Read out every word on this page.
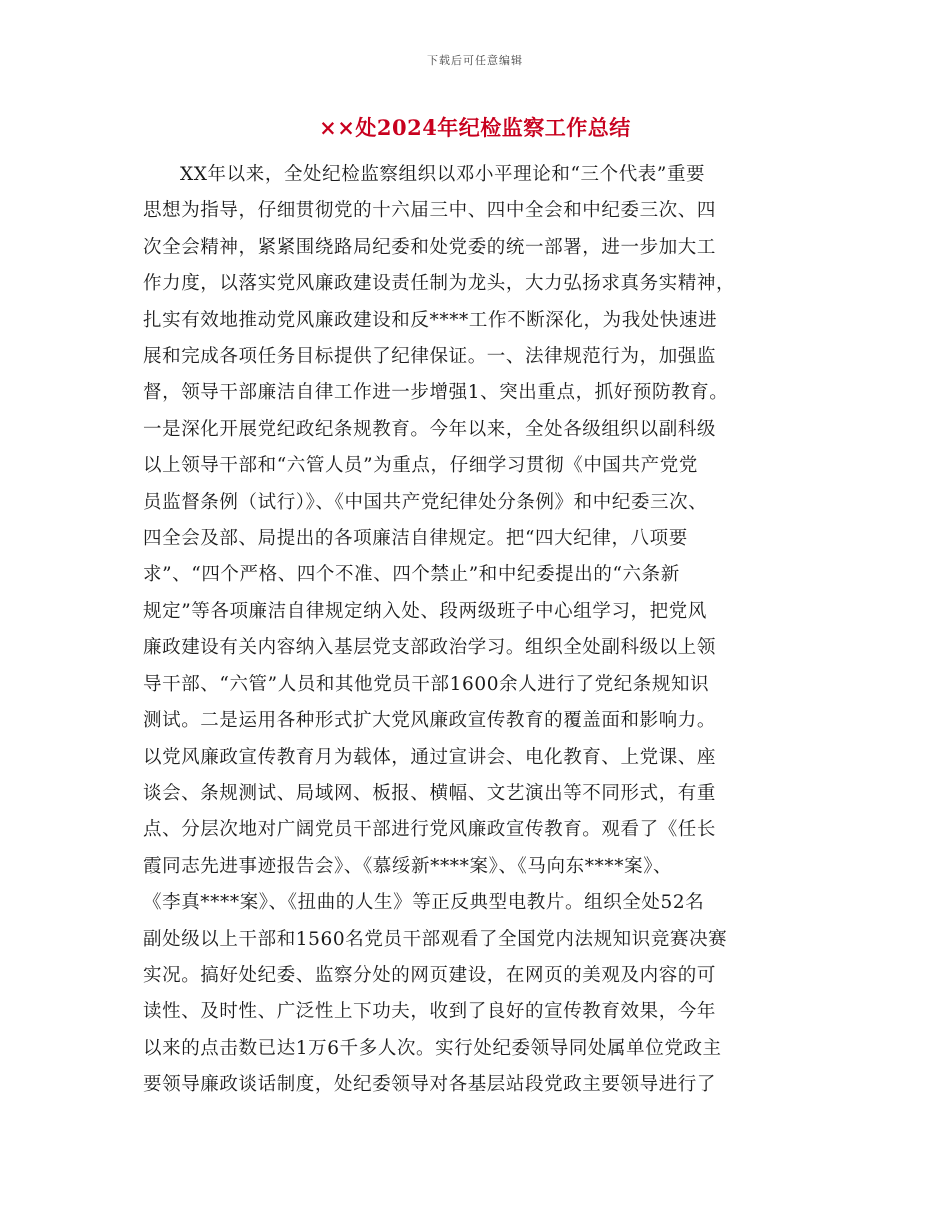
下载后可任意编辑
××处2024年纪检监察工作总结
XX年以来，全处纪检监察组织以邓小平理论和“三个代表”重要
思想为指导，仔细贯彻党的十六届三中、四中全会和中纪委三次、四
次全会精神，紧紧围绕路局纪委和处党委的统一部署，进一步加大工
作力度，以落实党风廉政建设责任制为龙头，大力弘扬求真务实精神，
扎实有效地推动党风廉政建设和反****工作不断深化，为我处快速进
展和完成各项任务目标提供了纪律保证。一、法律规范行为，加强监
督，领导干部廉洁自律工作进一步增强1、突出重点，抓好预防教育。
一是深化开展党纪政纪条规教育。今年以来，全处各级组织以副科级
以上领导干部和“六管人员”为重点，仔细学习贯彻《中国共产党党
员监督条例（试行）》、《中国共产党纪律处分条例》和中纪委三次、
四全会及部、局提出的各项廉洁自律规定。把“四大纪律，八项要
求”、“四个严格、四个不准、四个禁止”和中纪委提出的“六条新
规定”等各项廉洁自律规定纳入处、段两级班子中心组学习，把党风
廉政建设有关内容纳入基层党支部政治学习。组织全处副科级以上领
导干部、“六管”人员和其他党员干部1600余人进行了党纪条规知识
测试。二是运用各种形式扩大党风廉政宣传教育的覆盖面和影响力。
以党风廉政宣传教育月为载体，通过宣讲会、电化教育、上党课、座
谈会、条规测试、局域网、板报、横幅、文艺演出等不同形式，有重
点、分层次地对广阔党员干部进行党风廉政宣传教育。观看了《任长
霞同志先进事迹报告会》、《慕绥新****案》、《马向东****案》、
《李真****案》、《扭曲的人生》等正反典型电教片。组织全处52名
副处级以上干部和1560名党员干部观看了全国党内法规知识竞赛决赛
实况。搞好处纪委、监察分处的网页建设，在网页的美观及内容的可
读性、及时性、广泛性上下功夫，收到了良好的宣传教育效果，今年
以来的点击数已达1万6千多人次。实行处纪委领导同处属单位党政主
要领导廉政谈话制度，处纪委领导对各基层站段党政主要领导进行了
